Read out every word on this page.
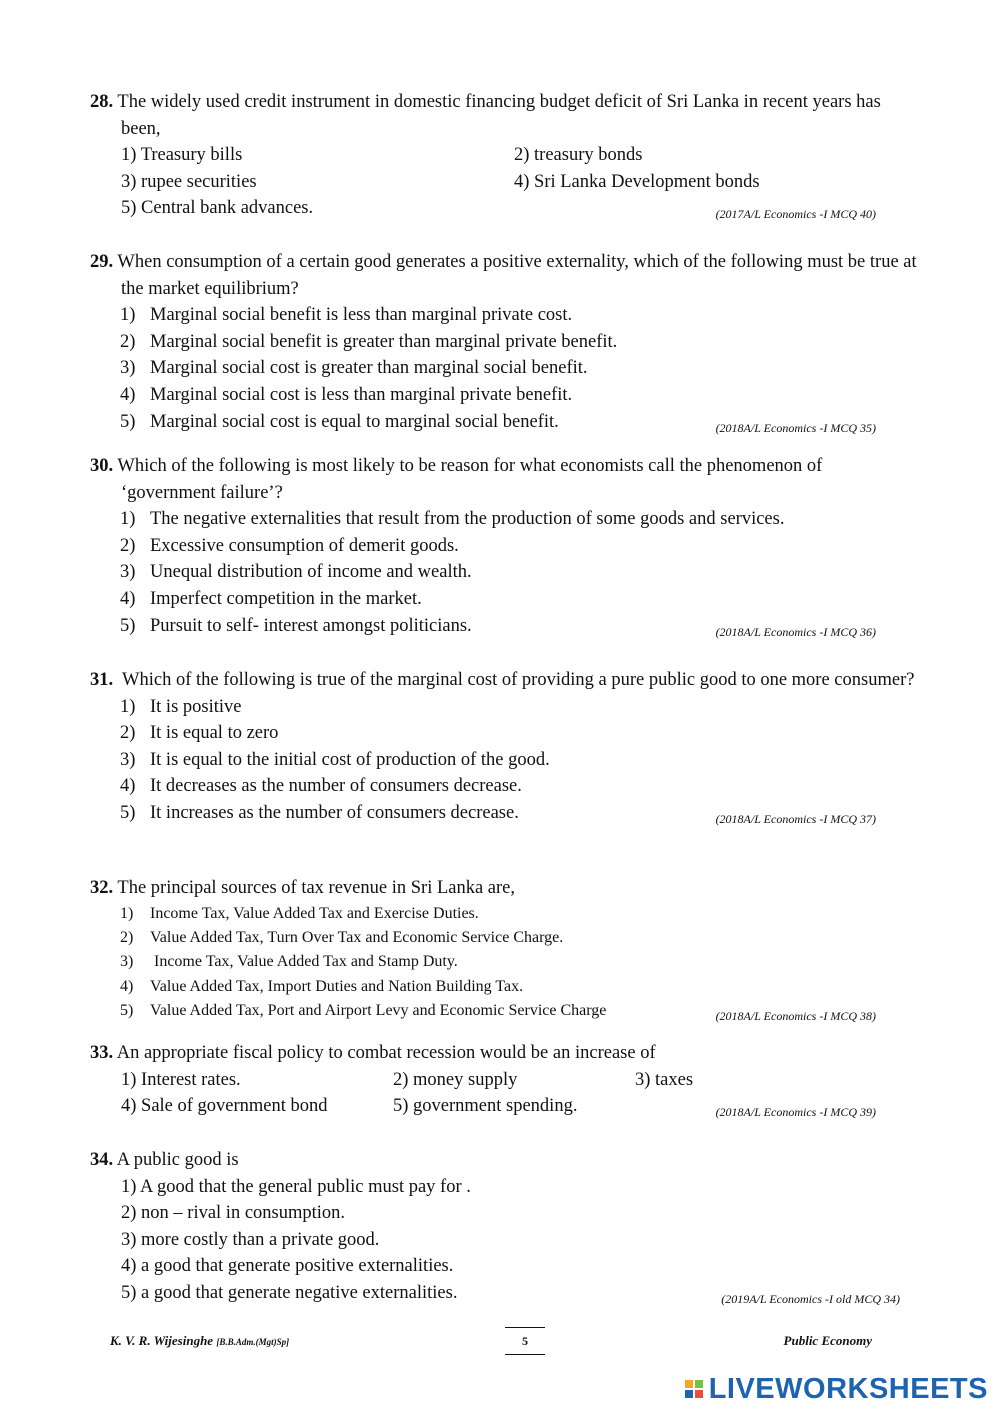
28. The widely used credit instrument in domestic financing budget deficit of Sri Lanka in recent years has been,
1) Treasury bills	2) treasury bonds
3) rupee securities	4) Sri Lanka Development bonds
5) Central bank advances.	(2017A/L Economics -I MCQ 40)
29. When consumption of a certain good generates a positive externality, which of the following must be true at the market equilibrium?
1) Marginal social benefit is less than marginal private cost.
2) Marginal social benefit is greater than marginal private benefit.
3) Marginal social cost is greater than marginal social benefit.
4) Marginal social cost is less than marginal private benefit.
5) Marginal social cost is equal to marginal social benefit.	(2018A/L Economics -I MCQ 35)
30. Which of the following is most likely to be reason for what economists call the phenomenon of ‘government failure’?
1) The negative externalities that result from the production of some goods and services.
2) Excessive consumption of demerit goods.
3) Unequal distribution of income and wealth.
4) Imperfect competition in the market.
5) Pursuit to self- interest amongst politicians.	(2018A/L Economics -I MCQ 36)
31. Which of the following is true of the marginal cost of providing a pure public good to one more consumer?
1) It is positive
2) It is equal to zero
3) It is equal to the initial cost of production of the good.
4) It decreases as the number of consumers decrease.
5) It increases as the number of consumers decrease.	(2018A/L Economics -I MCQ 37)
32. The principal sources of tax revenue in Sri Lanka are,
1) Income Tax, Value Added Tax and Exercise Duties.
2) Value Added Tax, Turn Over Tax and Economic Service Charge.
3) Income Tax, Value Added Tax and Stamp Duty.
4) Value Added Tax, Import Duties and Nation Building Tax.
5) Value Added Tax, Port and Airport Levy and Economic Service Charge	(2018A/L Economics -I MCQ 38)
33. An appropriate fiscal policy to combat recession would be an increase of
1) Interest rates.	2) money supply	3) taxes
4) Sale of government bond	5) government spending.	(2018A/L Economics -I MCQ 39)
34. A public good is
1) A good that the general public must pay for .
2) non – rival in consumption.
3) more costly than a private good.
4) a good that generate positive externalities.
5) a good that generate negative externalities.	(2019A/L Economics -I old MCQ 34)
K. V. R. Wijesinghe [B.B.Adm.(Mgt)Sp]	5	Public Economy
LIVEWORKSHEETS
